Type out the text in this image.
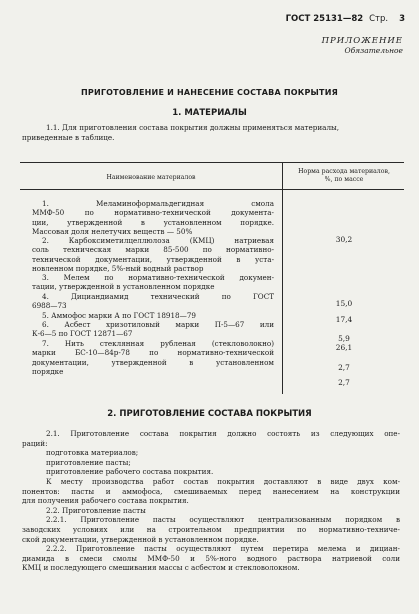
ГОСТ 25131—82 Стр. 3
ПРИЛОЖЕНИЕ
Обязательное
ПРИГОТОВЛЕНИЕ И НАНЕСЕНИЕ СОСТАВА ПОКРЫТИЯ
1. МАТЕРИАЛЫ
1.1. Для приготовления состава покрытия должны применяться материалы,
приведенные в таблице.
Наименование материалов
Норма расхода материалов,
%, по массе
1. Меламиноформальдегидная смола
ММФ-50 по нормативно-технической документа-
ции, утвержденной в установленном порядке.
Массовая доля нелетучих веществ — 50%
30,2
2. Карбоксиметилцеллюлоза (КМЦ) натриевая
соль техническая марки 85-500 по нормативно-
технической документации, утвержденной в уста-
новленном порядке, 5%-ный водный раствор
15,0
3. Мелем по нормативно-технической докумен-
тации, утвержденной в установленном порядке
17,4
4. Дициандиамид технический по ГОСТ
6988—73
5,9
5. Аммофос марки А по ГОСТ 18918—79
26,1
6. Асбест хризотиловый марки П-5—67 или
К-6—5 по ГОСТ 12871—67
2,7
7. Нить стеклянная рубленая (стекловолокно)
марки БС-10—84р-78 по нормативно-технической
документации, утвержденной в установленном
порядке
2,7
2. ПРИГОТОВЛЕНИЕ СОСТАВА ПОКРЫТИЯ
2.1. Приготовление состава покрытия должно состоять из следующих опе-
раций:
подготовка материалов;
приготовление пасты;
приготовление рабочего состава покрытия.
К месту производства работ состав покрытия доставляют в виде двух ком-
понентов: пасты и аммофоса, смешиваемых перед нанесением на конструкции
для получения рабочего состава покрытия.
2.2. Приготовление пасты
2.2.1. Приготовление пасты осуществляют централизованным порядком в
заводских условиях или на строительном предприятии по нормативно-техниче-
ской документации, утвержденной в установленном порядке.
2.2.2. Приготовление пасты осуществляют путем перетира мелема и дициан-
диамида в смеси смолы ММФ-50 и 5%-ного водного раствора натриевой соли
КМЦ и последующего смешивания массы с асбестом и стекловолокном.
